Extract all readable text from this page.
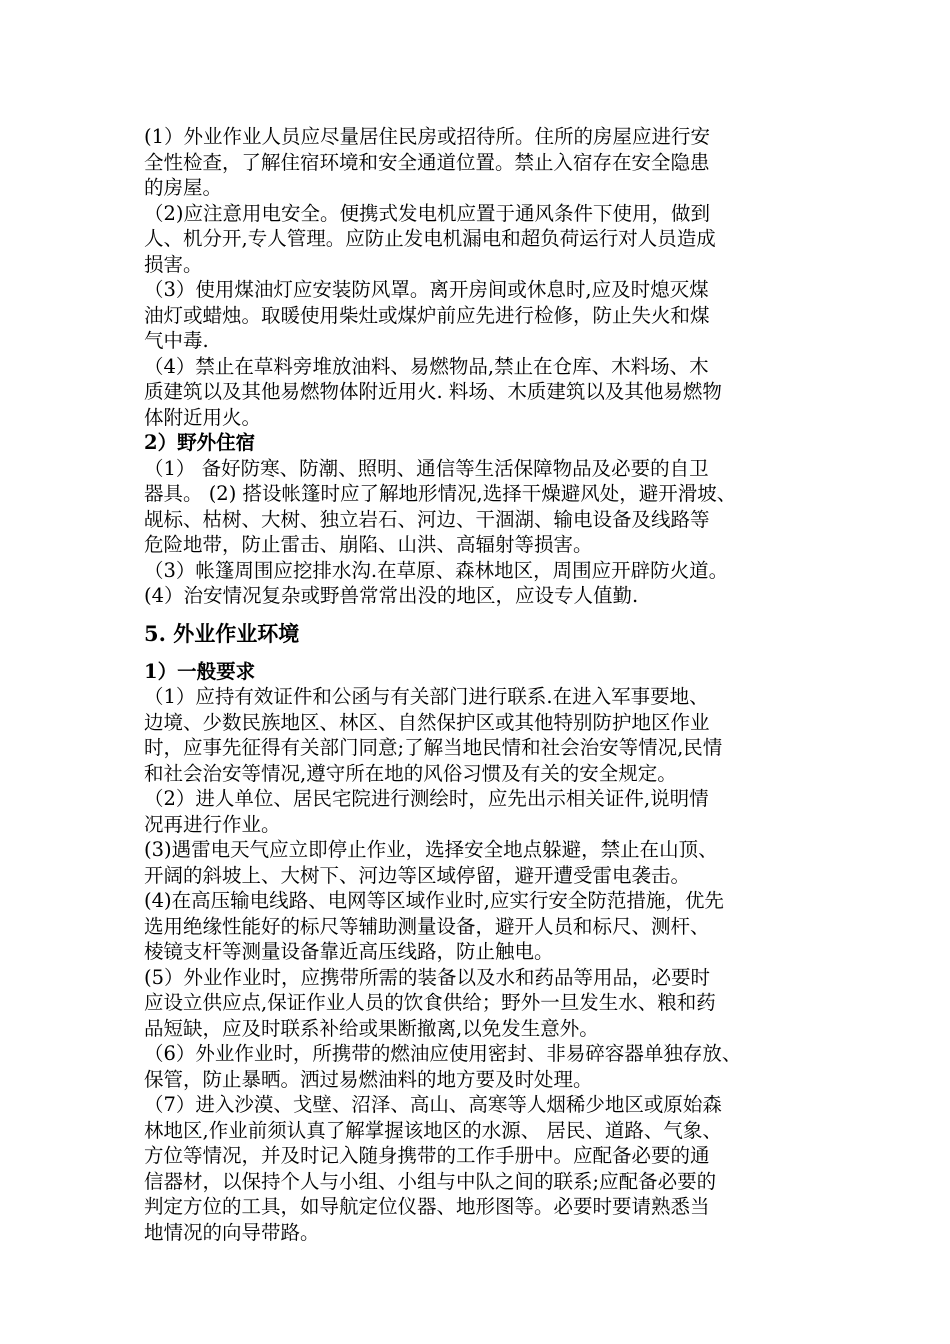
(1）外业作业人员应尽量居住民房或招待所。住所的房屋应进行安
全性检查，了解住宿环境和安全通道位置。禁止入宿存在安全隐患
的房屋。
（2)应注意用电安全。便携式发电机应置于通风条件下使用，做到
人、机分开,专人管理。应防止发电机漏电和超负荷运行对人员造成
损害。
（3）使用煤油灯应安装防风罩。离开房间或休息时,应及时熄灭煤
油灯或蜡烛。取暖使用柴灶或煤炉前应先进行检修，防止失火和煤
气中毒.
（4）禁止在草料旁堆放油料、易燃物品,禁止在仓库、木料场、木
质建筑以及其他易燃物体附近用火. 料场、木质建筑以及其他易燃物
体附近用火。
2）野外住宿
（1） 备好防寒、防潮、照明、通信等生活保障物品及必要的自卫
器具。 (2) 搭设帐篷时应了解地形情况,选择干燥避风处，避开滑坡、
觇标、枯树、大树、独立岩石、河边、干涸湖、输电设备及线路等
危险地带，防止雷击、崩陷、山洪、高辐射等损害。
（3）帐篷周围应挖排水沟.在草原、森林地区，周围应开辟防火道。
(4）治安情况复杂或野兽常常出没的地区，应设专人值勤.
5. 外业作业环境
1）一般要求
（1）应持有效证件和公函与有关部门进行联系.在进入军事要地、
边境、少数民族地区、林区、自然保护区或其他特别防护地区作业
时，应事先征得有关部门同意;了解当地民情和社会治安等情况,民情
和社会治安等情况,遵守所在地的风俗习惯及有关的安全规定。
（2）进人单位、居民宅院进行测绘时，应先出示相关证件,说明情
况再进行作业。
(3)遇雷电天气应立即停止作业，选择安全地点躲避，禁止在山顶、
开阔的斜坡上、大树下、河边等区域停留，避开遭受雷电袭击。
(4)在高压输电线路、电网等区域作业时,应实行安全防范措施，优先
选用绝缘性能好的标尺等辅助测量设备，避开人员和标尺、测杆、
棱镜支杆等测量设备靠近高压线路，防止触电。
(5）外业作业时，应携带所需的装备以及水和药品等用品，必要时
应设立供应点,保证作业人员的饮食供给；野外一旦发生水、粮和药
品短缺，应及时联系补给或果断撤离,以免发生意外。
（6）外业作业时，所携带的燃油应使用密封、非易碎容器单独存放、
保管，防止暴晒。洒过易燃油料的地方要及时处理。
（7）进入沙漠、戈壁、沼泽、高山、高寒等人烟稀少地区或原始森
林地区,作业前须认真了解掌握该地区的水源、 居民、道路、气象、
方位等情况，并及时记入随身携带的工作手册中。应配备必要的通
信器材，以保持个人与小组、小组与中队之间的联系;应配备必要的
判定方位的工具，如导航定位仪器、地形图等。必要时要请熟悉当
地情况的向导带路。
